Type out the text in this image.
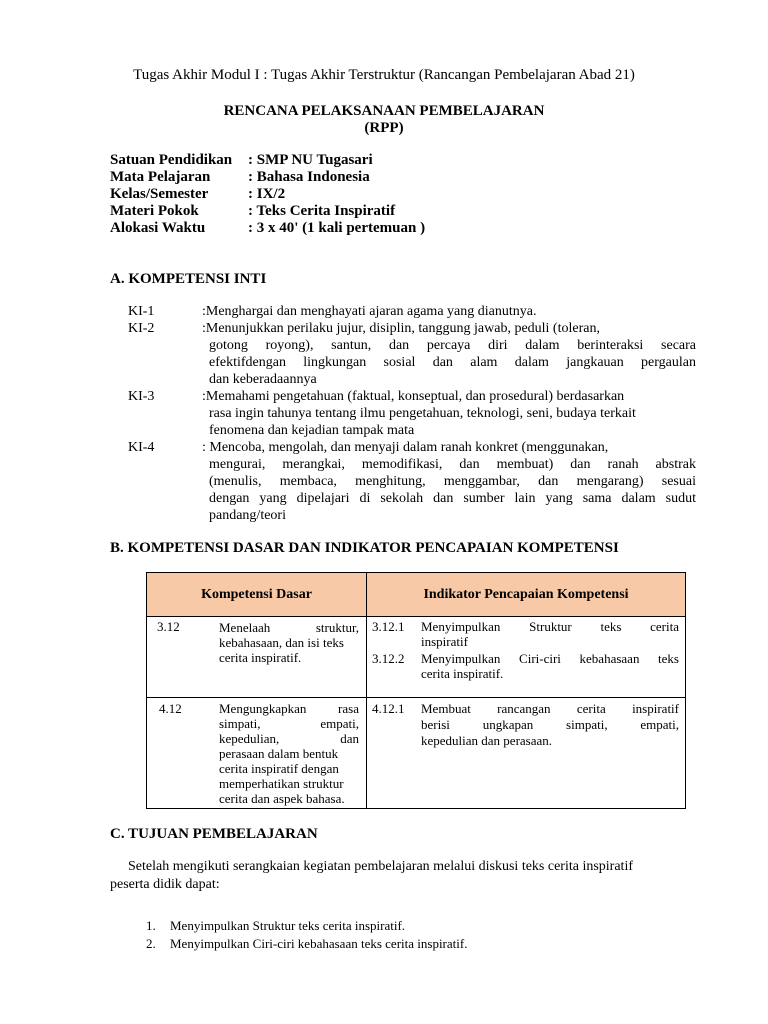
Tugas Akhir Modul I : Tugas Akhir Terstruktur (Rancangan Pembelajaran Abad 21)
RENCANA PELAKSANAAN PEMBELAJARAN
(RPP)
Satuan Pendidikan : SMP NU Tugasari
Mata Pelajaran	: Bahasa Indonesia
Kelas/Semester	: IX/2
Materi Pokok	: Teks Cerita Inspiratif
Alokasi Waktu	: 3 x 40' (1 kali pertemuan )
A. KOMPETENSI INTI
KI-1	:Menghargai dan menghayati ajaran agama yang dianutnya.
KI-2	:Menunjukkan perilaku jujur, disiplin, tanggung jawab, peduli (toleran,
gotong royong), santun, dan percaya diri dalam berinteraksi secara
efektifdengan lingkungan sosial dan alam dalam jangkauan pergaulan
dan keberadaannya
KI-3	:Memahami pengetahuan (faktual, konseptual, dan prosedural) berdasarkan
rasa ingin tahunya tentang ilmu pengetahuan, teknologi, seni, budaya terkait
fenomena dan kejadian tampak mata
KI-4	: Mencoba, mengolah, dan menyaji dalam ranah konkret (menggunakan,
mengurai, merangkai, memodifikasi, dan membuat) dan ranah abstrak
(menulis, membaca, menghitung, menggambar, dan mengarang) sesuai
dengan yang dipelajari di sekolah dan sumber lain yang sama dalam sudut
pandang/teori
B. KOMPETENSI DASAR DAN INDIKATOR PENCAPAIAN KOMPETENSI
Kompetensi Dasar	Indikator Pencapaian Kompetensi
3.12	Menelaah struktur,
kebahasaan, dan isi teks
cerita inspiratif.
3.12.1 Menyimpulkan Struktur teks cerita
inspiratif
3.12.2 Menyimpulkan Ciri-ciri kebahasaan teks
cerita inspiratif.
4.12	Mengungkapkan rasa
simpati, empati,
kepedulian, dan
perasaan dalam bentuk
cerita inspiratif dengan
memperhatikan struktur
cerita dan aspek bahasa.
4.12.1 Membuat rancangan cerita inspiratif
berisi ungkapan simpati, empati,
kepedulian dan perasaan.
C. TUJUAN PEMBELAJARAN
Setelah mengikuti serangkaian kegiatan pembelajaran melalui diskusi teks cerita inspiratif
peserta didik dapat:
1. Menyimpulkan Struktur teks cerita inspiratif.
2. Menyimpulkan Ciri-ciri kebahasaan teks cerita inspiratif.
